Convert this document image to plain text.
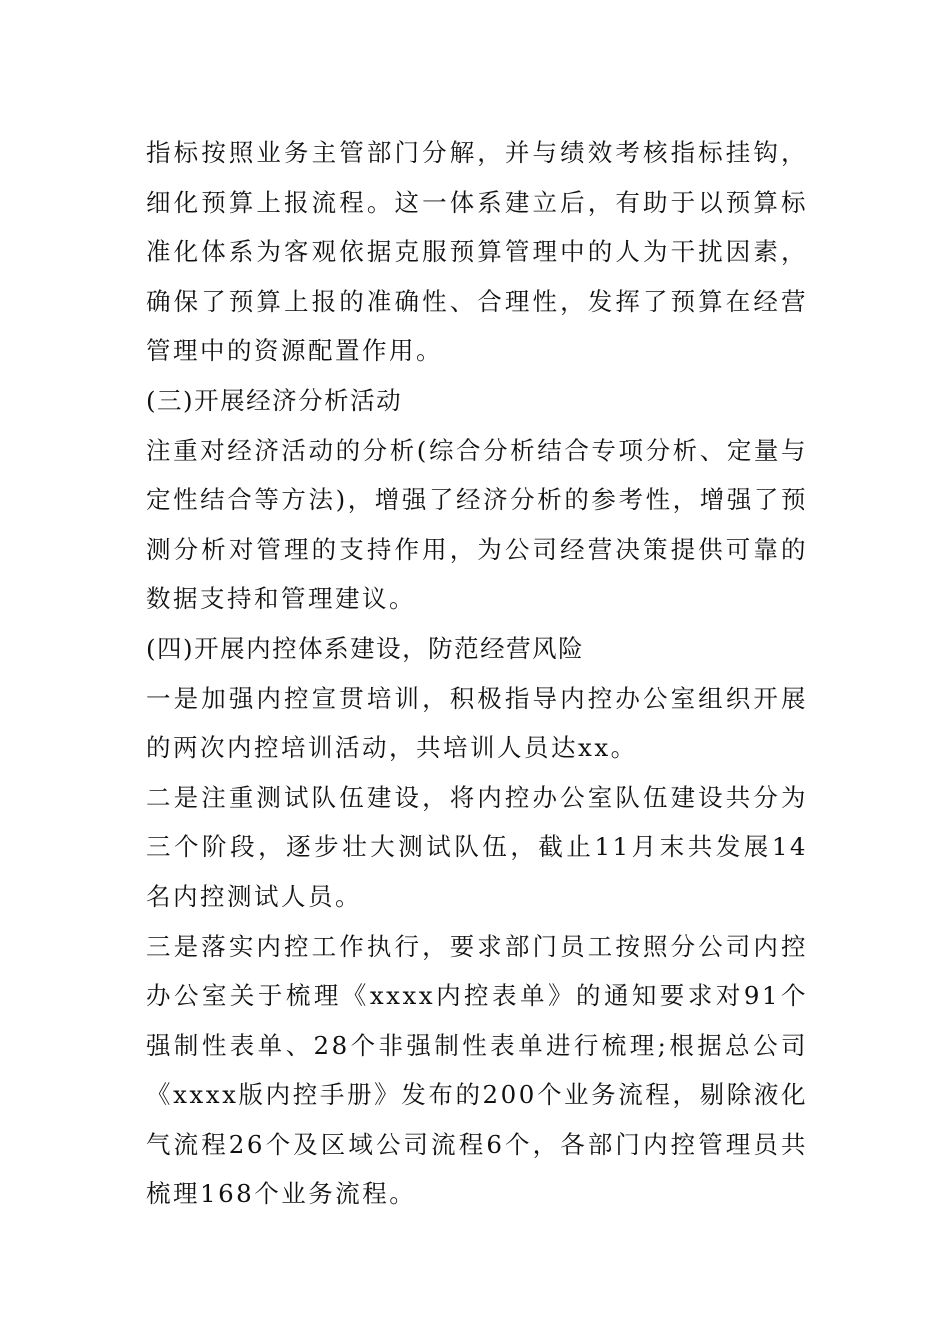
指标按照业务主管部门分解，并与绩效考核指标挂钩，细化预算上报流程。这一体系建立后，有助于以预算标准化体系为客观依据克服预算管理中的人为干扰因素，确保了预算上报的准确性、合理性，发挥了预算在经营管理中的资源配置作用。

(三)开展经济分析活动

注重对经济活动的分析(综合分析结合专项分析、定量与定性结合等方法)，增强了经济分析的参考性，增强了预测分析对管理的支持作用，为公司经营决策提供可靠的数据支持和管理建议。

(四)开展内控体系建设，防范经营风险

一是加强内控宣贯培训，积极指导内控办公室组织开展的两次内控培训活动，共培训人员达xx。

二是注重测试队伍建设，将内控办公室队伍建设共分为三个阶段，逐步壮大测试队伍，截止11月末共发展14名内控测试人员。

三是落实内控工作执行，要求部门员工按照分公司内控办公室关于梳理《xxxx内控表单》的通知要求对91个强制性表单、28个非强制性表单进行梳理;根据总公司《xxxx版内控手册》发布的200个业务流程，剔除液化气流程26个及区域公司流程6个，各部门内控管理员共梳理168个业务流程。
